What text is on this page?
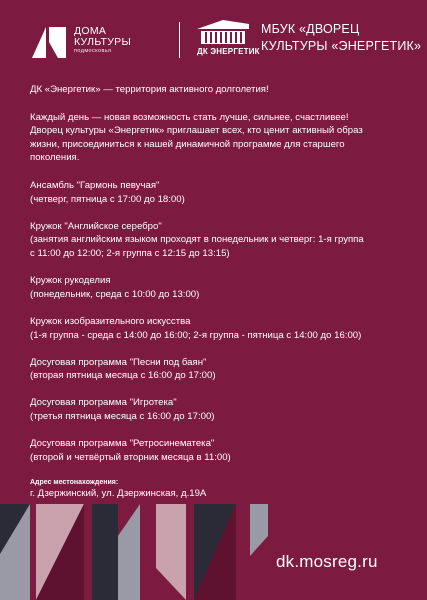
ДОМА
КУЛЬТУРЫ
подмосковья	ДК ЭНЕРГЕТИК
МБУК «ДВОРЕЦ
КУЛЬТУРЫ «ЭНЕРГЕТИК»

ДК «Энергетик» — территория активного долголетия!

Каждый день — новая возможность стать лучше, сильнее, счастливее!
Дворец культуры «Энергетик» приглашает всех, кто ценит активный образ
жизни, присоединиться к нашей динамичной программе для старшего
поколения.
Ансамбль "Гармонь певучая"
(четверг, пятница с 17:00 до 18:00)
Кружок "Английское серебро"
(занятия английским языком проходят в понедельник и четверг: 1-я группа
с 11:00 до 12:00; 2-я группа с 12:15 до 13:15)
Кружок рукоделия
(понедельник, среда с 10:00 до 13:00)
Кружок изобразительного искусства
(1-я группа - среда с 14:00 до 16:00; 2-я группа - пятница с 14:00 до 16:00)
Досуговая программа "Песни под баян"
(вторая пятница месяца с 16:00 до 17:00)
Досуговая программа "Игротека"
(третья пятница месяца с 16:00 до 17:00)
Досуговая программа "Ретросинематека"
(второй и четвёртый вторник месяца в 11:00)
Адрес местонахождения:
г. Дзержинский, ул. Дзержинская, д.19А
dk.mosreg.ru
